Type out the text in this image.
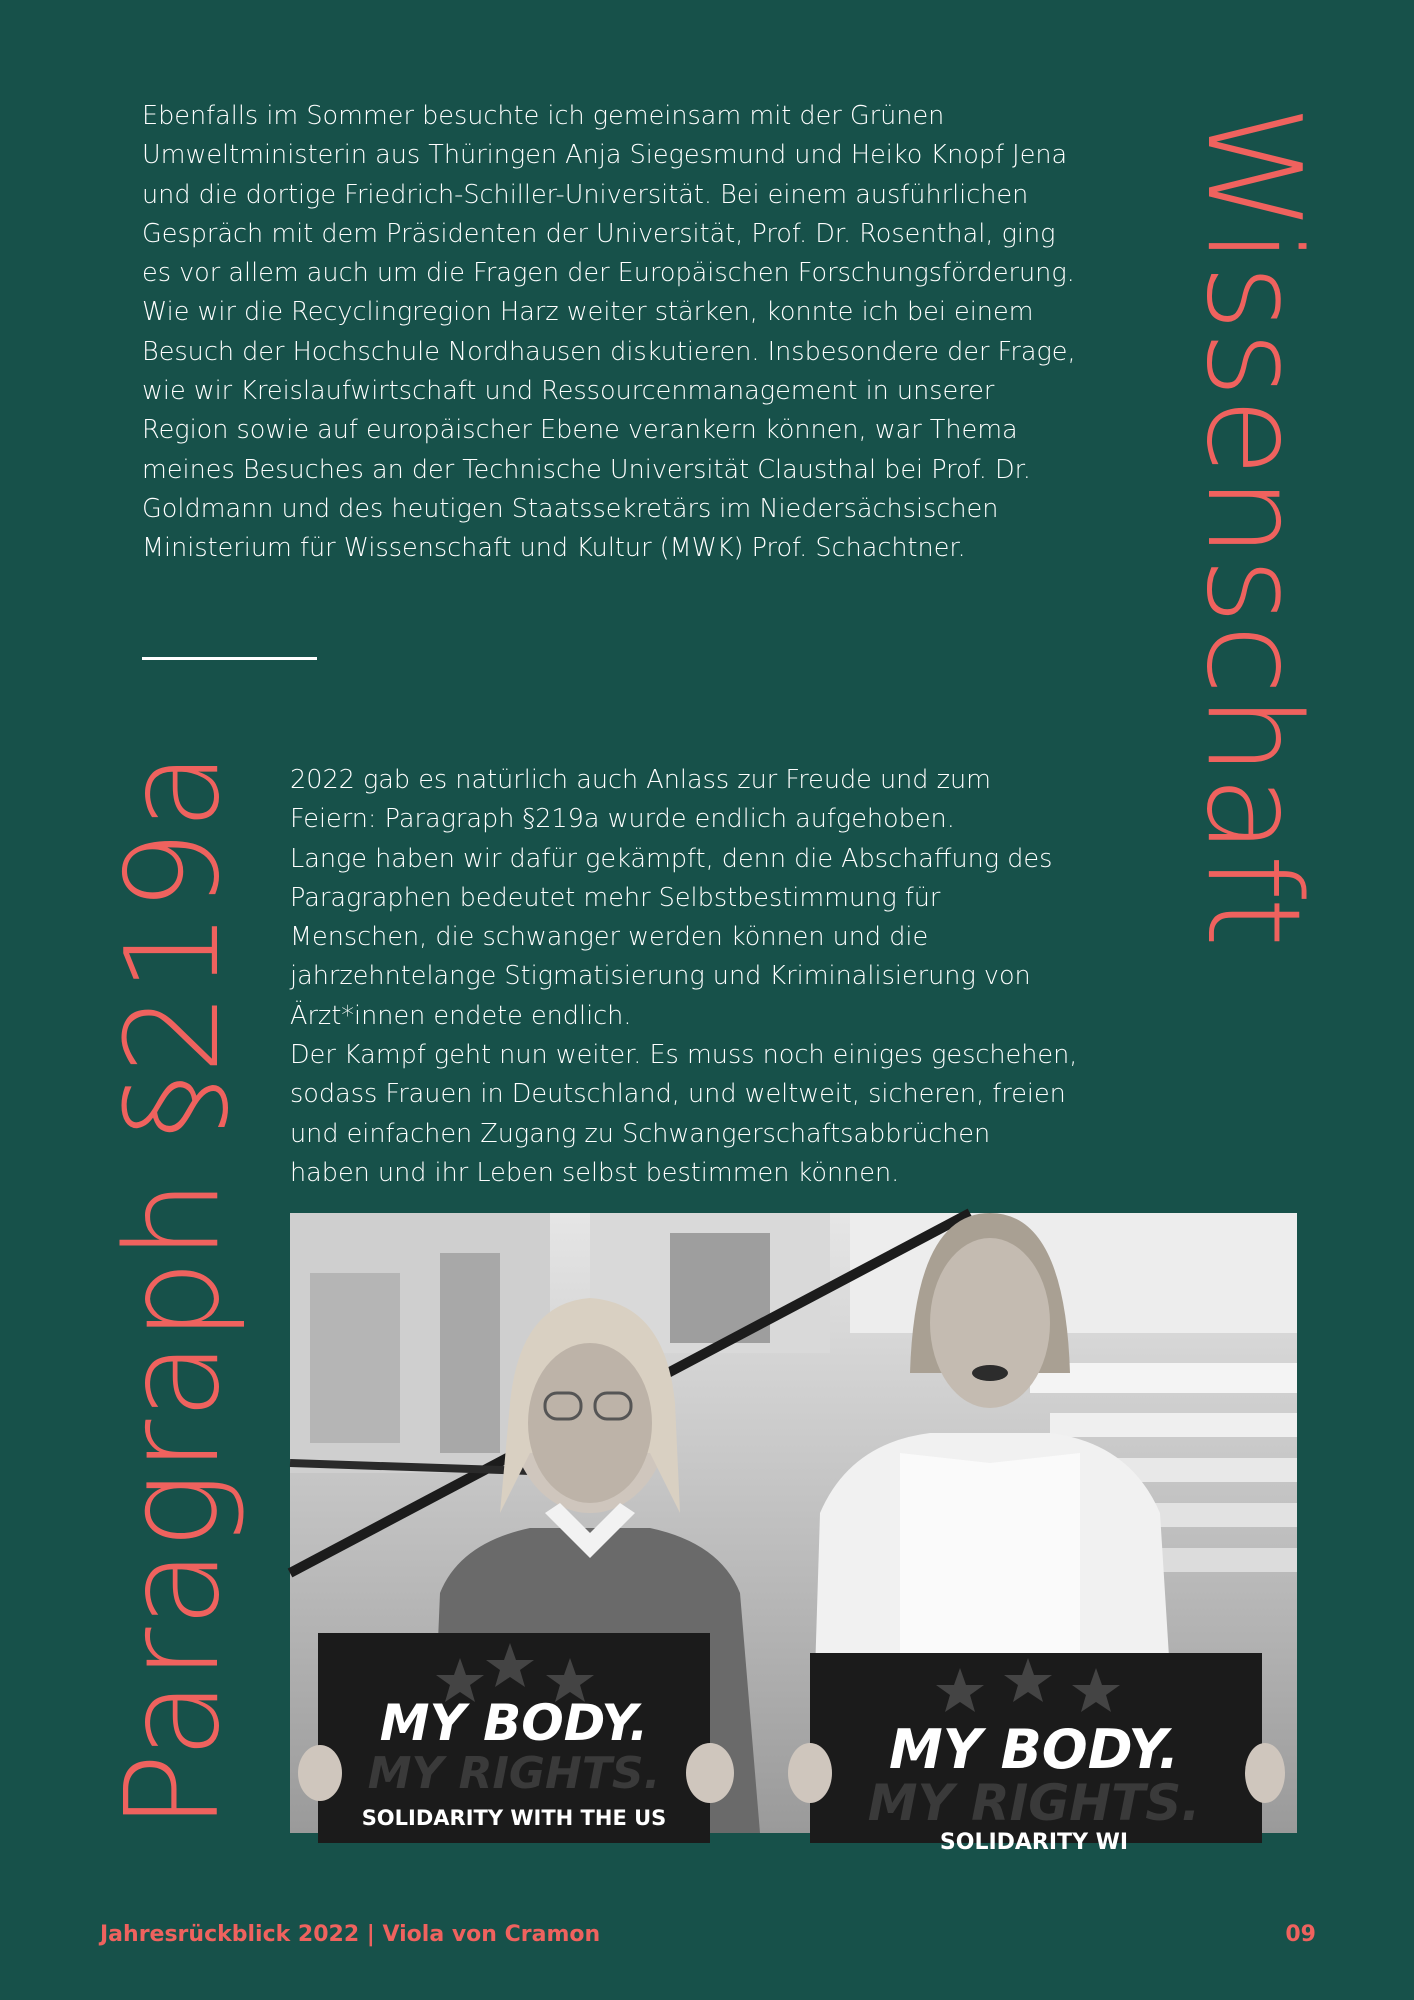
Ebenfalls im Sommer besuchte ich gemeinsam mit der Grünen
Umweltministerin aus Thüringen Anja Siegesmund und Heiko Knopf Jena
und die dortige Friedrich-Schiller-Universität. Bei einem ausführlichen
Gespräch mit dem Präsidenten der Universität, Prof. Dr. Rosenthal, ging
es vor allem auch um die Fragen der Europäischen Forschungsförderung.
Wie wir die Recyclingregion Harz weiter stärken, konnte ich bei einem
Besuch der Hochschule Nordhausen diskutieren. Insbesondere der Frage,
wie wir Kreislaufwirtschaft und Ressourcenmanagement in unserer
Region sowie auf europäischer Ebene verankern können, war Thema
meines Besuches an der Technische Universität Clausthal bei Prof. Dr.
Goldmann und des heutigen Staatssekretärs im Niedersächsischen
Ministerium für Wissenschaft und Kultur (MWK) Prof. Schachtner.	Wissenschaft
Paragraph §219a 2022 gab es natürlich auch Anlass zur Freude und zum
Feiern: Paragraph §219a wurde endlich aufgehoben.
Lange haben wir dafür gekämpft, denn die Abschaffung des
Paragraphen bedeutet mehr Selbstbestimmung für
Menschen, die schwanger werden können und die
jahrzehntelange Stigmatisierung und Kriminalisierung von
Ärzt*innen endete endlich.
Der Kampf geht nun weiter. Es muss noch einiges geschehen,
sodass Frauen in Deutschland, und weltweit, sicheren, freien
und einfachen Zugang zu Schwangerschaftsabbrüchen
haben und ihr Leben selbst bestimmen können.
MY BODY.
MY RIGHTS.
SOLIDARITY WITH THE US
MY BODY.
MY RIGHTS.
SOLIDARITY WI
Jahresrückblick 2022 | Viola von Cramon	09
